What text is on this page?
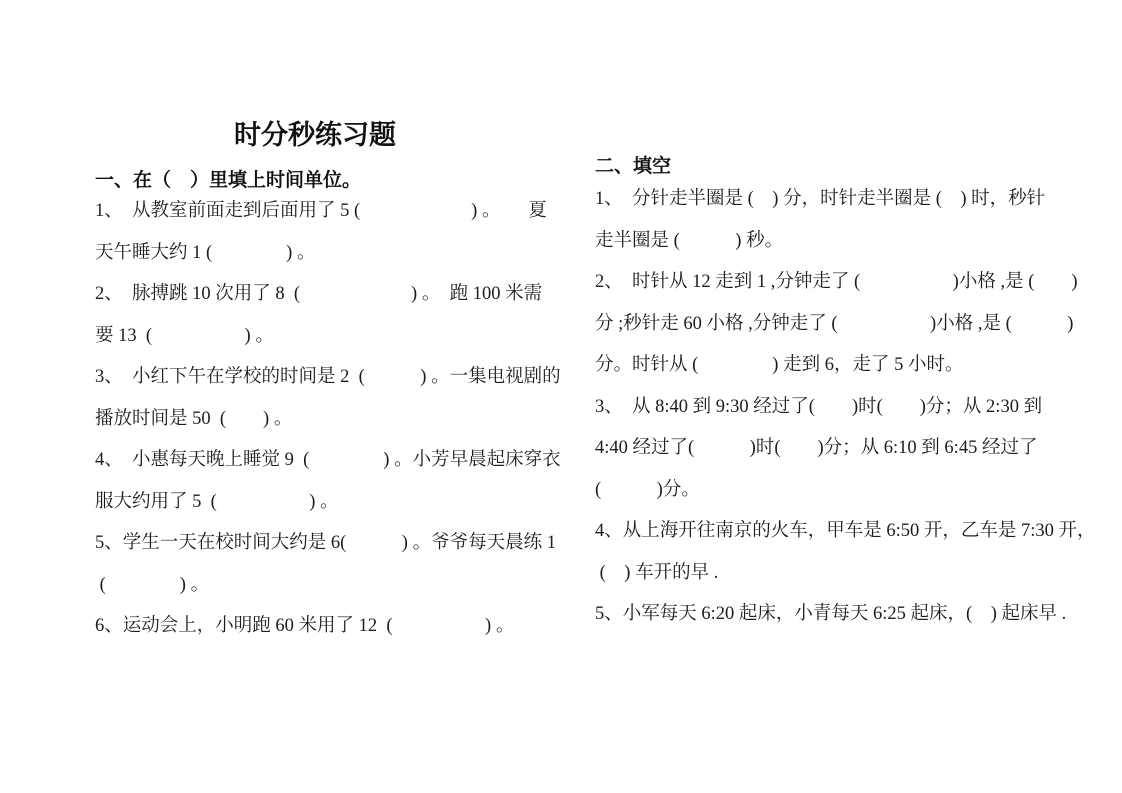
时分秒练习题
一、在（　）里填上时间单位。
1、　从教室前面走到后面用了 5 (　　　　　　) 。　　夏
天午睡大约 1 (　　　　) 。
2、　脉搏跳 10 次用了 8  (　　　　　　) 。　跑 100 米需
要 13  (　　　　　) 。
3、　小红下午在学校的时间是 2  (　　　) 。一集电视剧的
播放时间是 50  (　　) 。
4、　小惠每天晚上睡觉 9  (　　　　) 。小芳早晨起床穿衣
服大约用了 5  (　　　　　) 。
5、学生一天在校时间大约是 6(　　　) 。爷爷每天晨练 1
(　　　　) 。
6、运动会上，小明跑 60 米用了 12  (　　　　　) 。
二、填空
1、　分针走半圈是 (　) 分，时针走半圈是 (　) 时，秒针
走半圈是 (　　　) 秒。
2、　时针从 12 走到 1 ,分钟走了 (　　　　　)小格 ,是 (　　)
分 ;秒针走 60 小格 ,分钟走了 (　　　　　)小格 ,是 (　　　)
分。时针从 (　　　　) 走到 6，走了 5 小时。
3、　从 8:40 到 9:30 经过了(　　)时(　　)分；从 2:30 到
4:40 经过了(　　　)时(　　)分；从 6:10 到 6:45 经过了
(　　　)分。
4、从上海开往南京的火车，甲车是 6:50 开，乙车是 7:30 开，
(　) 车开的早 .
5、小军每天 6:20 起床，小青每天 6:25 起床，(　) 起床早 .
